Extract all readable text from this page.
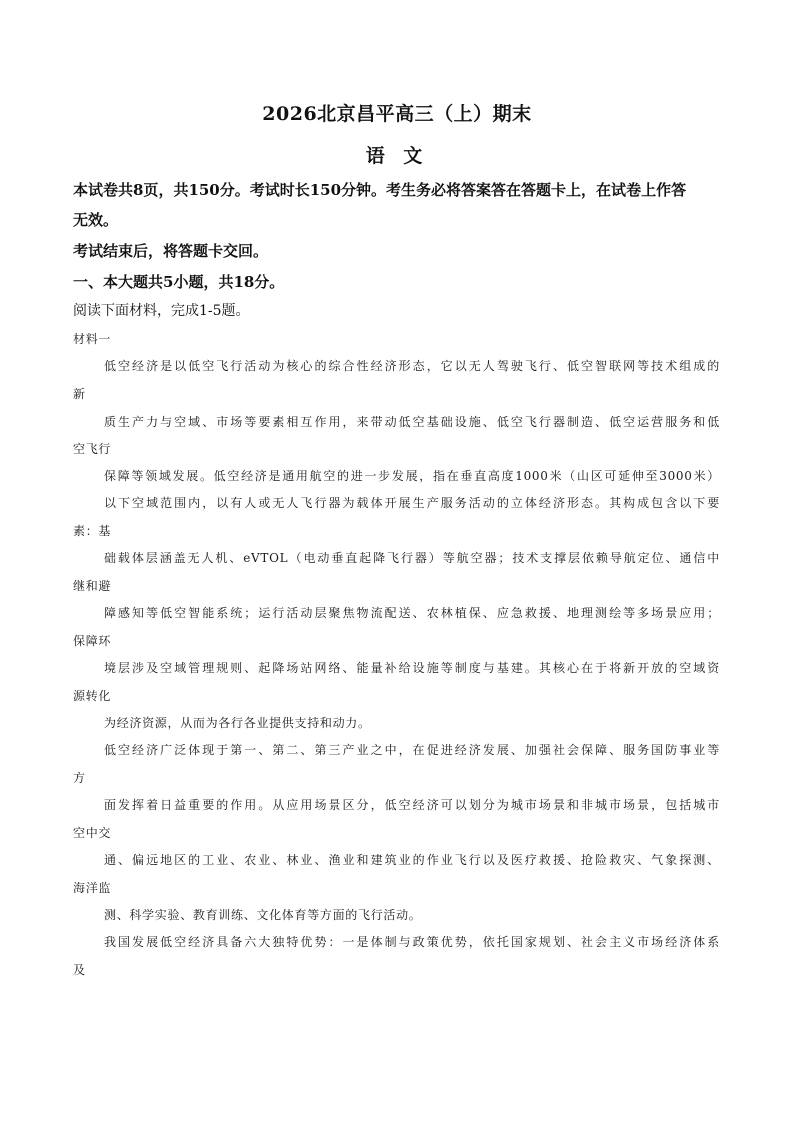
2026北京昌平高三（上）期末
语 文
本试卷共8页，共150分。考试时长150分钟。考生务必将答案答在答题卡上，在试卷上作答
无效。
考试结束后，将答题卡交回。
一、本大题共5小题，共18分。
阅读下面材料，完成1-5题。
材料一
低空经济是以低空飞行活动为核心的综合性经济形态，它以无人驾驶飞行、低空智联网等技术组成的
新
质生产力与空域、市场等要素相互作用，来带动低空基础设施、低空飞行器制造、低空运营服务和低
空飞行
保障等领域发展。低空经济是通用航空的进一步发展，指在垂直高度1000米（山区可延伸至3000米）
以下空域范围内，以有人或无人飞行器为载体开展生产服务活动的立体经济形态。其构成包含以下要
素：基
础载体层涵盖无人机、eVTOL（电动垂直起降飞行器）等航空器；技术支撑层依赖导航定位、通信中
继和避
障感知等低空智能系统；运行活动层聚焦物流配送、农林植保、应急救援、地理测绘等多场景应用；
保障环
境层涉及空域管理规则、起降场站网络、能量补给设施等制度与基建。其核心在于将新开放的空域资
源转化
为经济资源，从而为各行各业提供支持和动力。
低空经济广泛体现于第一、第二、第三产业之中，在促进经济发展、加强社会保障、服务国防事业等
方
面发挥着日益重要的作用。从应用场景区分，低空经济可以划分为城市场景和非城市场景，包括城市
空中交
通、偏远地区的工业、农业、林业、渔业和建筑业的作业飞行以及医疗救援、抢险救灾、气象探测、
海洋监
测、科学实验、教育训练、文化体育等方面的飞行活动。
我国发展低空经济具备六大独特优势：一是体制与政策优势，依托国家规划、社会主义市场经济体系
及
